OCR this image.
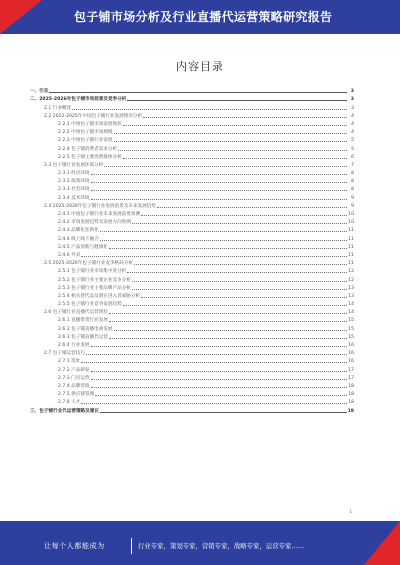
包子铺市场分析及行业直播代运营策略研究报告
内容目录
一、引言	3
二、2025-2026年包子铺市场前景及竞争分析	3
2.1 行业概述	3
2.2 2022-2025年中国包子铺行业发展情况分析	4
2.2.1 中国包子铺市场发展现状	4
2.2.2 中国包子铺市场规模	4
2.2.3 中国包子铺行业发展	5
2.2.4 包子铺消费者需求分析	5
2.2.5 包子铺主要消费群体分析	6
2.3 包子铺行业发展环境分析	7
2.3.1 经济环境	8
2.3.2 政策环境	8
2.3.3 社会环境	8
2.3.4 技术环境	9
2.4 2025-2026年包子铺行业发展前景及未来发展趋势	9
2.4.1 中国包子铺行业未来发展前景预测	10
2.4.2 市场发展趋势及发展方向预测	10
2.4.3 品牌化连锁化	11
2.4.4 线上线下融合	11
2.4.5 产品创新与健康化	11
2.4.6 外卖	11
2.5 2025-2026年包子铺行业竞争格局分析	11
2.5.1 包子铺行业市场集中度分析	12
2.5.2 包子铺行业主要企业竞争分析	12
2.5.3 包子铺行业主要品牌产品分析	13
2.5.4 相关替代品及潜在进入者威胁分析	13
2.5.5 包子铺行业竞争发展趋势	14
2.6 包子铺行业直播代运营现状	14
2.6.1 直播带货行业发展	15
2.6.2 包子铺直播电商发展	15
2.6.3 包子铺直播代运营	15
2.6.4 行业发展	16
2.7 包子铺运营技巧	16
2.7.1 选址	16
2.7.2 产品研发	17
2.7.3 门店运营	17
2.7.4 品牌营销	18
2.7.5 供应链管理	18
2.7.6 人才	18
三、包子铺行业代运营策略及建议	19
1
让每个人都能成为	行业专家，策划专家，营销专家，战略专家，运营专家……
